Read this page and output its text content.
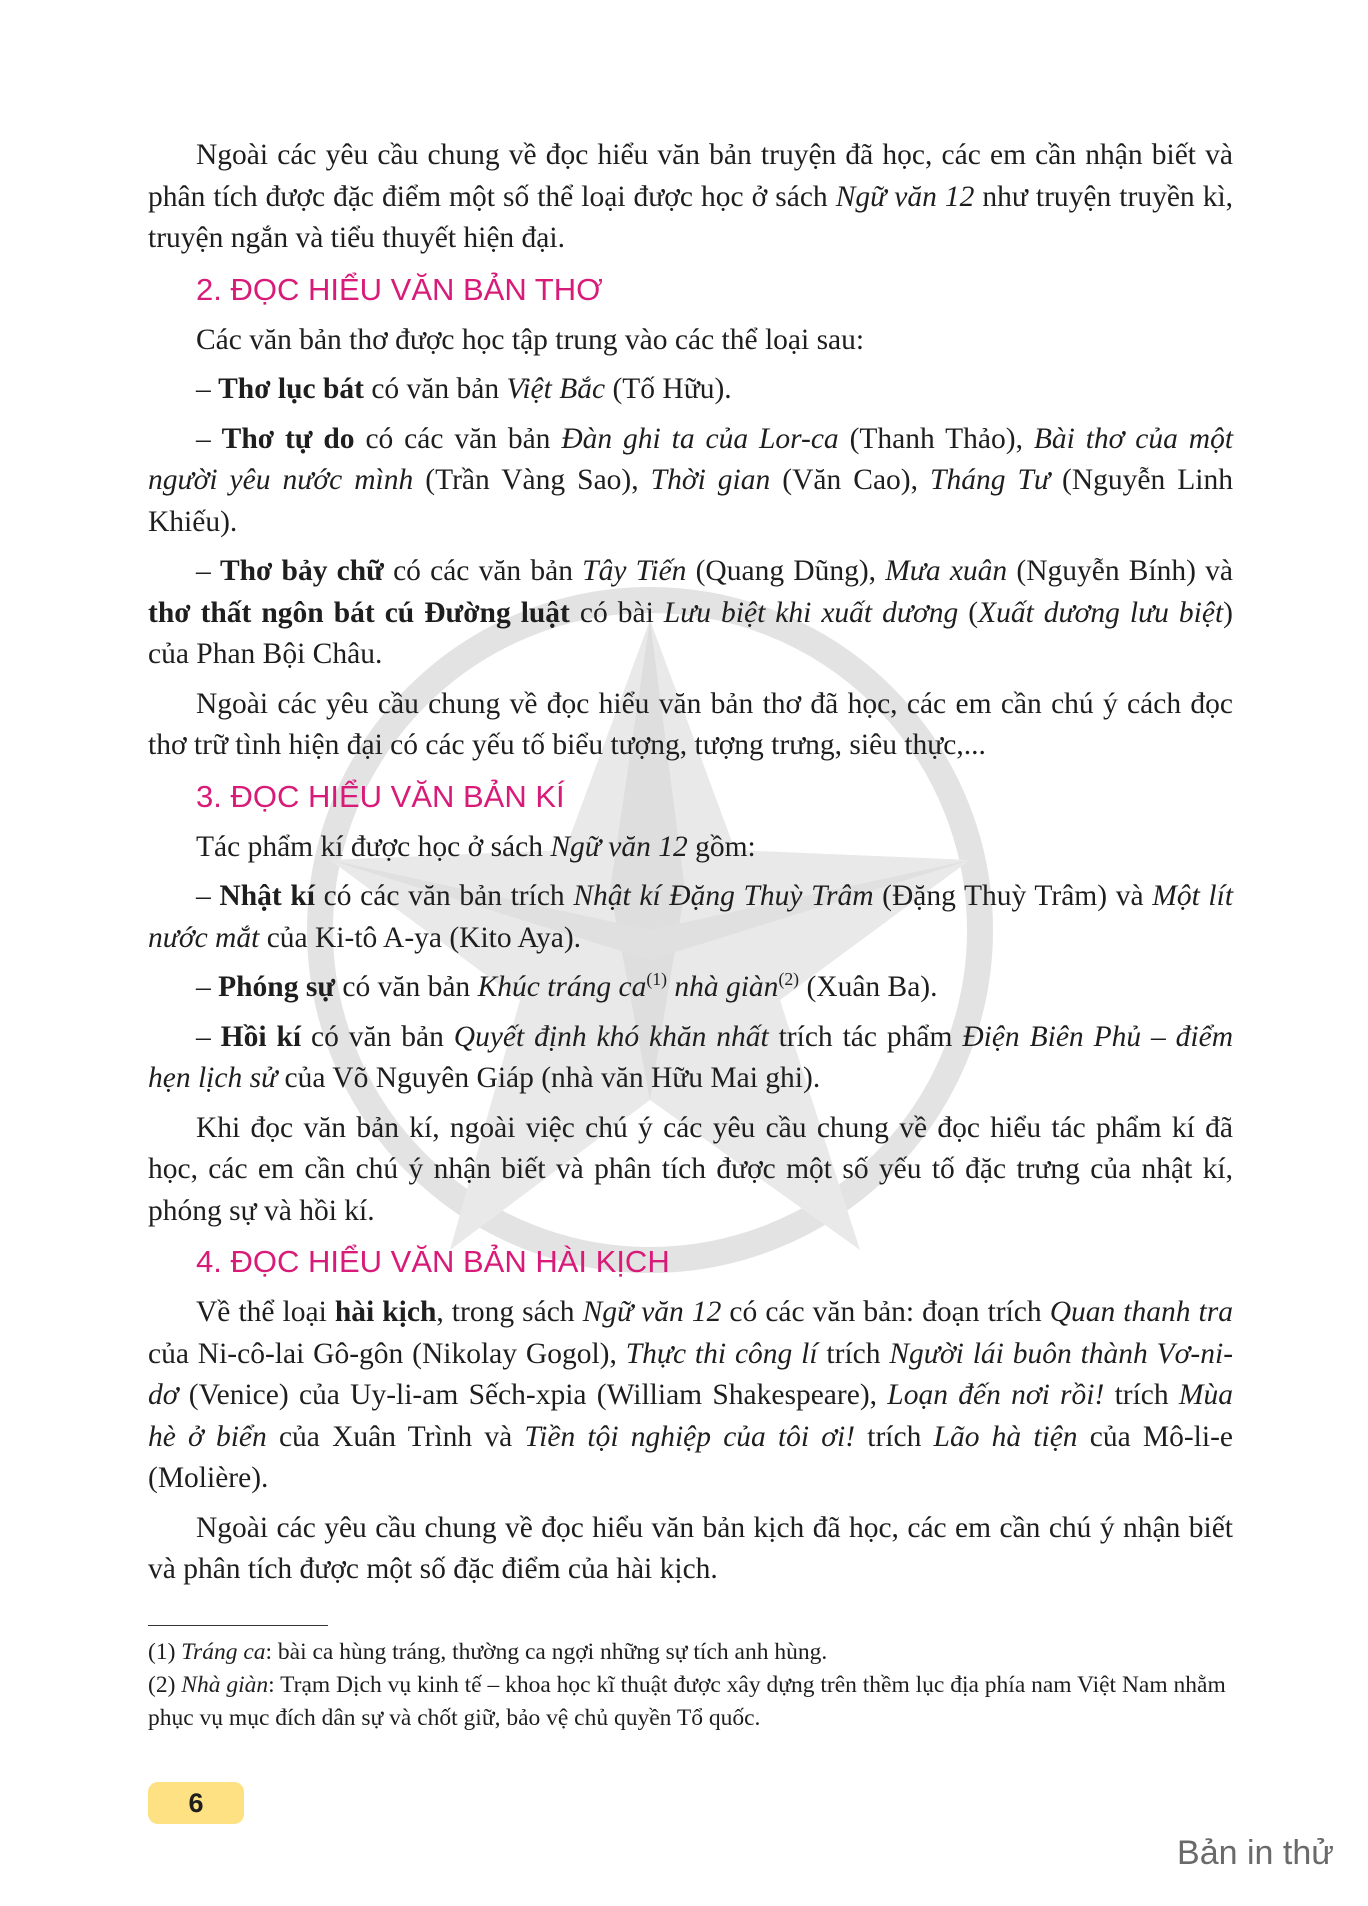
Ngoài các yêu cầu chung về đọc hiểu văn bản truyện đã học, các em cần nhận biết và phân tích được đặc điểm một số thể loại được học ở sách Ngữ văn 12 như truyện truyền kì, truyện ngắn và tiểu thuyết hiện đại.

2. ĐỌC HIỂU VĂN BẢN THƠ

Các văn bản thơ được học tập trung vào các thể loại sau:

– Thơ lục bát có văn bản Việt Bắc (Tố Hữu).

– Thơ tự do có các văn bản Đàn ghi ta của Lor-ca (Thanh Thảo), Bài thơ của một người yêu nước mình (Trần Vàng Sao), Thời gian (Văn Cao), Tháng Tư (Nguyễn Linh Khiếu).

– Thơ bảy chữ có các văn bản Tây Tiến (Quang Dũng), Mưa xuân (Nguyễn Bính) và thơ thất ngôn bát cú Đường luật có bài Lưu biệt khi xuất dương (Xuất dương lưu biệt) của Phan Bội Châu.

Ngoài các yêu cầu chung về đọc hiểu văn bản thơ đã học, các em cần chú ý cách đọc thơ trữ tình hiện đại có các yếu tố biểu tượng, tượng trưng, siêu thực,...

3. ĐỌC HIỂU VĂN BẢN KÍ

Tác phẩm kí được học ở sách Ngữ văn 12 gồm:

– Nhật kí có các văn bản trích Nhật kí Đặng Thuỳ Trâm (Đặng Thuỳ Trâm) và Một lít nước mắt của Ki-tô A-ya (Kito Aya).

– Phóng sự có văn bản Khúc tráng $ca^{(1)}$ nhà giàn$^{(2)}$ (Xuân Ba).

– Hồi kí có văn bản Quyết định khó khăn nhất trích tác phẩm Điện Biên Phủ – điểm hẹn lịch sử của Võ Nguyên Giáp (nhà văn Hữu Mai ghi).

Khi đọc văn bản kí, ngoài việc chú ý các yêu cầu chung về đọc hiểu tác phẩm kí đã học, các em cần chú ý nhận biết và phân tích được một số yếu tố đặc trưng của nhật kí, phóng sự và hồi kí.

4. ĐỌC HIỂU VĂN BẢN HÀI KỊCH

Về thể loại hài kịch, trong sách Ngữ văn 12 có các văn bản: đoạn trích Quan thanh tra của Ni-cô-lai Gô-gôn (Nikolay Gogol), Thực thi công lí trích Người lái buôn thành Vơ-ni-dơ (Venice) của Uy-li-am Sếch-xpia (William Shakespeare), Loạn đến nơi rồi! trích Mùa hè ở biển của Xuân Trình và Tiền tội nghiệp của tôi ơi! trích Lão hà tiện của Mô-li-e (Molière).

Ngoài các yêu cầu chung về đọc hiểu văn bản kịch đã học, các em cần chú ý nhận biết và phân tích được một số đặc điểm của hài kịch.

(1) Tráng ca: bài ca hùng tráng, thường ca ngợi những sự tích anh hùng.

(2) Nhà giàn: Trạm Dịch vụ kinh tế – khoa học kĩ thuật được xây dựng trên thềm lục địa phía nam Việt Nam nhằm phục vụ mục đích dân sự và chốt giữ, bảo vệ chủ quyền Tổ quốc.

6
Bản in thử
